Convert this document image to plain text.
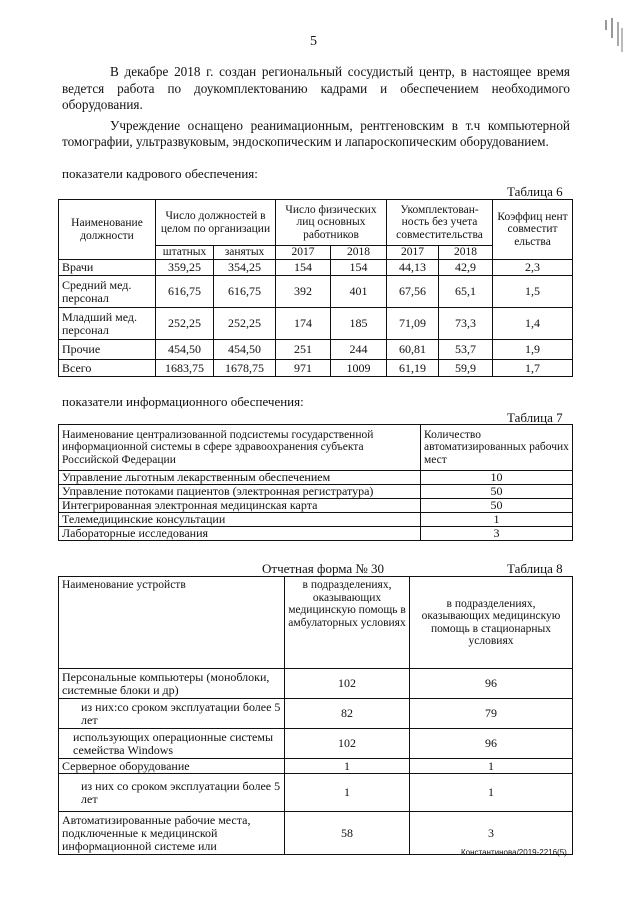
5

В декабре 2018 г. создан региональный сосудистый центр, в настоящее время ведется работа по доукомплектованию кадрами и обеспечением необходимого оборудования.

Учреждение оснащено реанимационным, рентгеновским в т.ч компьютерной томографии, ультразвуковым, эндоскопическим и лапароскопическим оборудованием.

показатели кадрового обеспечения:
Таблица 6
Наименование должности	Число должностей в целом по организации		Число физических лиц основных работников		Укомплектован-ность без учета совместительства		Коэффиц нент совместит ельства
	штатных	занятых	2017	2018	2017	2018	
Врачи	359,25	354,25	154	154	44,13	42,9	2,3
Средний мед. персонал	616,75	616,75	392	401	67,56	65,1	1,5
Младший мед. персонал	252,25	252,25	174	185	71,09	73,3	1,4
Прочие	454,50	454,50	251	244	60,81	53,7	1,9
Всего	1683,75	1678,75	971	1009	61,19	59,9	1,7
показатели информационного обеспечения:
Таблица 7
Наименование централизованной подсистемы государственной информационной системы в сфере здравоохранения субъекта Российской Федерации	Количество автоматизированных рабочих мест
Управление льготным лекарственным обеспечением	10
Управление потоками пациентов (электронная регистратура)	50
Интегрированная электронная медицинская карта	50
Телемедицинские консультации	1
Лабораторные исследования	3
Отчетная форма № 30	Таблица 8
Наименование устройств	в подразделениях, оказывающих медицинскую помощь в амбулаторных условиях	в подразделениях, оказывающих медицинскую помощь в стационарных условиях
Персональные компьютеры (моноблоки, системные блоки и др)	102	96
из них:со сроком эксплуатации более 5 лет	82	79
использующих операционные системы семейства Windows	102	96
Серверное оборудование	1	1
из них со сроком эксплуатации более 5 лет	1	1
Автоматизированные рабочие места, подключенные к медицинской информационной системе или	58	3
Константинова/2019-2216(5)
